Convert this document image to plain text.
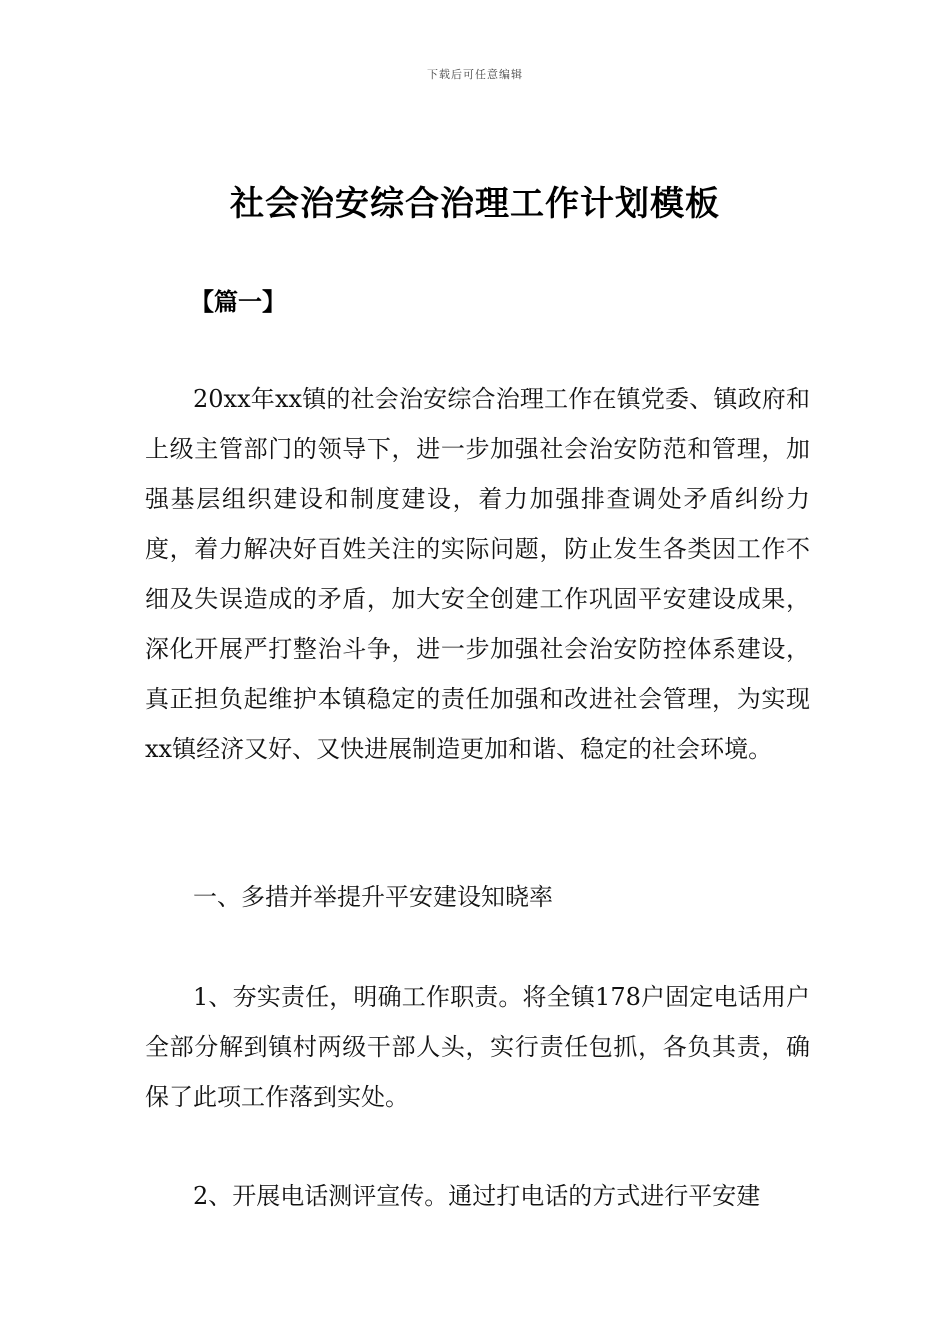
下载后可任意编辑
社会治安综合治理工作计划模板
【篇一】

20xx年xx镇的社会治安综合治理工作在镇党委、镇政府和上级主管部门的领导下，进一步加强社会治安防范和管理，加强基层组织建设和制度建设，着力加强排查调处矛盾纠纷力度，着力解决好百姓关注的实际问题，防止发生各类因工作不细及失误造成的矛盾，加大安全创建工作巩固平安建设成果，深化开展严打整治斗争，进一步加强社会治安防控体系建设，真正担负起维护本镇稳定的责任加强和改进社会管理，为实现xx镇经济又好、又快进展制造更加和谐、稳定的社会环境。

一、多措并举提升平安建设知晓率

1、夯实责任，明确工作职责。将全镇178户固定电话用户全部分解到镇村两级干部人头，实行责任包抓，各负其责，确保了此项工作落到实处。

2、开展电话测评宣传。通过打电话的方式进行平安建
